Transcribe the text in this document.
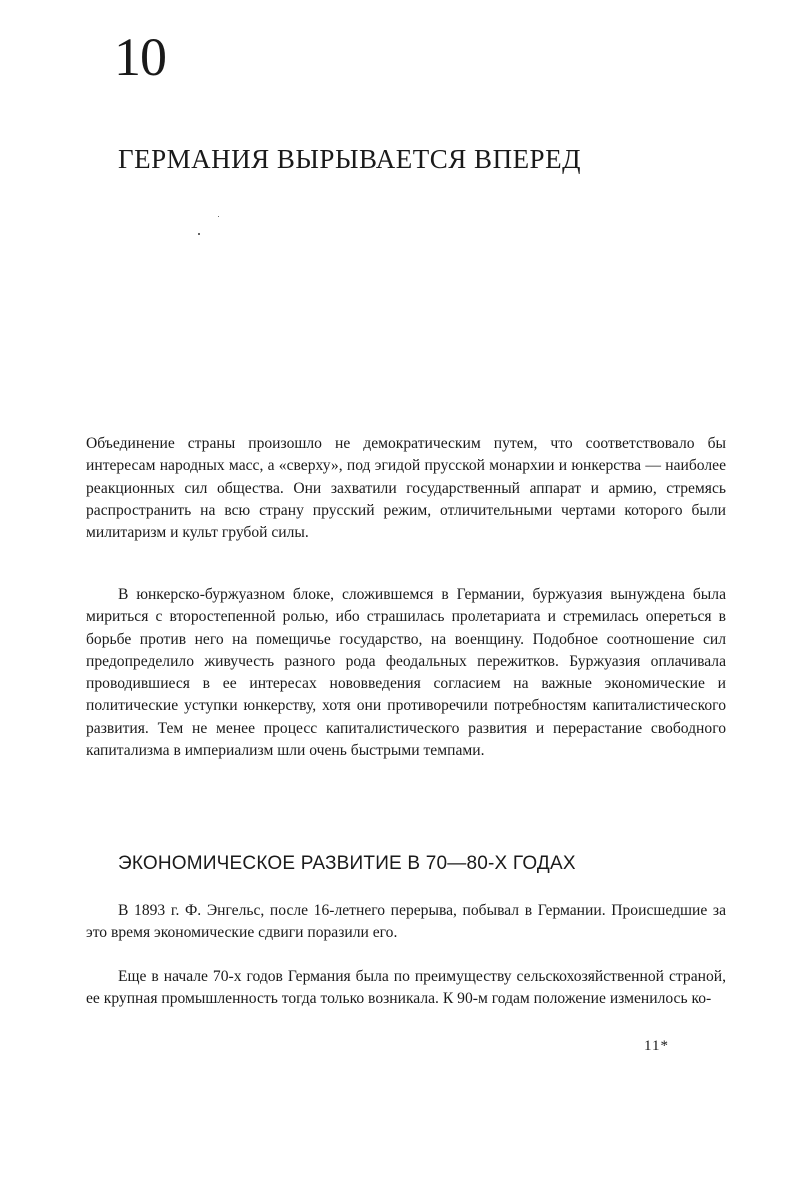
10
ГЕРМАНИЯ ВЫРЫВАЕТСЯ ВПЕРЕД

Объединение страны произошло не демократическим путем, что соответствовало бы интересам народных масс, а «сверху», под эгидой прусской монархии и юнкерства — наиболее реакционных сил общества. Они захватили государственный аппарат и армию, стремясь распространить на всю страну прусский режим, отличительными чертами которого были милитаризм и культ грубой силы.

В юнкерско-буржуазном блоке, сложившемся в Германии, буржуазия вынуждена была мириться с второстепенной ролью, ибо страшилась пролетариата и стремилась опереться в борьбе против него на помещичье государство, на военщину. Подобное соотношение сил предопределило живучесть разного рода феодальных пережитков. Буржуазия оплачивала проводившиеся в ее интересах нововведения согласием на важные экономические и политические уступки юнкерству, хотя они противоречили потребностям капиталистического развития. Тем не менее процесс капиталистического развития и перерастание свободного капитализма в империализм шли очень быстрыми темпами.

ЭКОНОМИЧЕСКОЕ РАЗВИТИЕ В 70—80-Х ГОДАХ

В 1893 г. Ф. Энгельс, после 16-летнего перерыва, побывал в Германии. Происшедшие за это время экономические сдвиги поразили его.

Еще в начале 70-х годов Германия была по преимуществу сельскохозяйственной страной, ее крупная промышленность тогда только возникала. К 90-м годам положение изменилось ко-

11*
